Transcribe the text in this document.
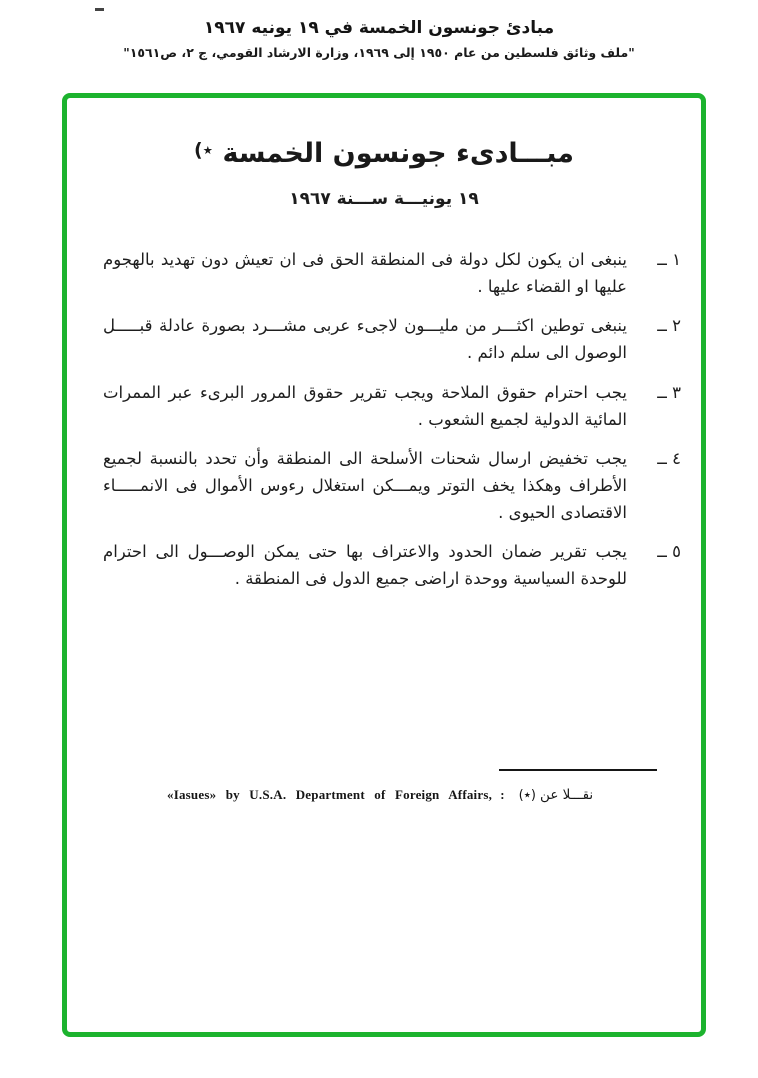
مبادئ جونسون الخمسة في ١٩ يونيه ١٩٦٧
"ملف وثائق فلسطين من عام ١٩٥٠ إلى ١٩٦٩، وزارة الارشاد القومي، ج ٢، ص١٥٦١"
مبـــادىء جونسون الخمسة (٭
١٩ يونيـــة ســـنة ١٩٦٧
١ ــ
ينبغى ان يكون لكل دولة فى المنطقة الحق فى ان تعيش دون تهديد بالهجوم عليها او القضاء عليها .
٢ ــ
ينبغى توطين اكثـــر من مليـــون لاجىء عربى مشـــرد بصورة عادلة قبـــــل الوصول الى سلم دائم .
٣ ــ
يجب احترام حقوق الملاحة ويجب تقرير حقوق المرور البرىء عبر الممرات المائية الدولية لجميع الشعوب .
٤ ــ
يجب تخفيض ارسال شحنات الأسلحة الى المنطقة وأن تحدد بالنسبة لجميع الأطراف وهكذا يخف التوتر ويمـــكن استغلال رءوس الأموال فى الانمـــــاء الاقتصادى الحيوى .
٥ ــ
يجب تقرير ضمان الحدود والاعتراف بها حتى يمكن الوصـــول الى احترام للوحدة السياسية ووحدة اراضى جميع الدول فى المنطقة .
«Iasues» by U.S.A. Department of Foreign Affairs, :	نقـــلا عن (٭)
